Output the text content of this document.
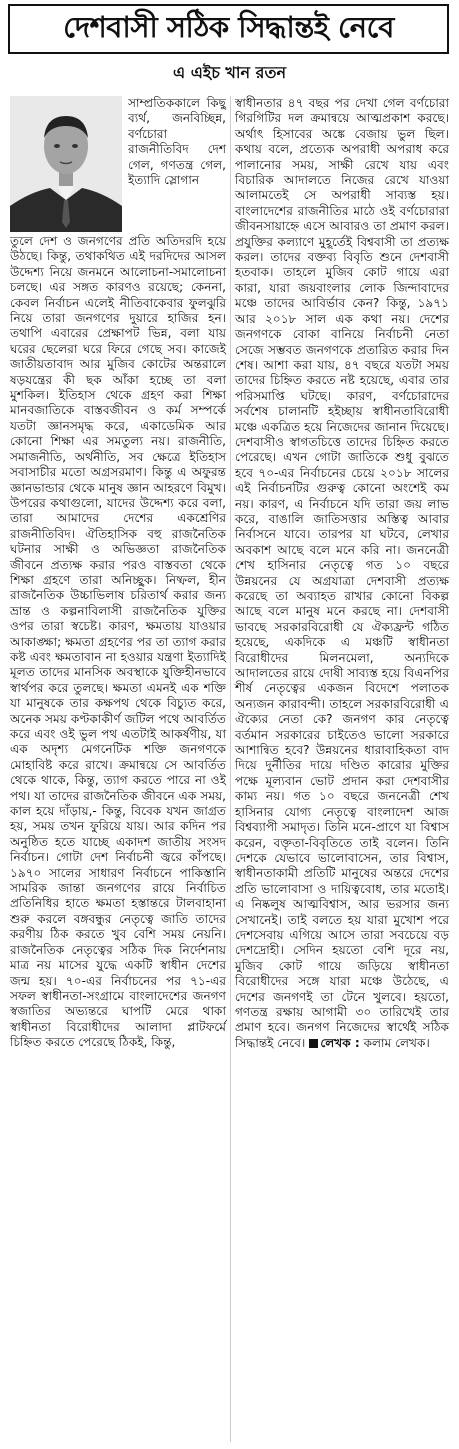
দেশবাসী সঠিক সিদ্ধান্তই নেবে
এ এইচ খান রতন

সাম্প্রতিককালে কিছু ব্যর্থ, জনবিচ্ছিন্ন, বর্ণচোরা রাজনীতিবিদ দেশ গেল, গণতন্ত্র গেল, ইত্যাদি স্লোগান

তুলে দেশ ও জনগণের প্রতি অতিদরদি হয়ে উঠছে। কিন্তু, তথাকথিত এই দরদিদের আসল উদ্দেশ্য নিয়ে জনমনে আলোচনা-সমালোচনা চলছে। এর সঙ্গত কারণও রয়েছে; কেননা, কেবল নির্বাচন এলেই নীতিবাকেবার ফুলঝুরি নিয়ে তারা জনগণের দুয়ারে হাজির হন। তথাপি এবারের প্রেক্ষাপট ভিন্ন, বলা যায় ঘরের ছেলেরা ঘরে ফিরে গেছে সব। কাজেই জাতীয়তাবাদ আর মুজিব কোটের অন্তরালে ষড়যন্ত্রের কী ছক আঁকা হচ্ছে তা বলা মুশকিল। ইতিহাস থেকে গ্রহণ করা শিক্ষা মানবজাতিকে বাস্তবজীবন ও কর্ম সম্পর্কে যতটা জ্ঞানসমৃদ্ধ করে, একাডেমিক আর কোনো শিক্ষা এর সমতুল্য নয়। রাজনীতি, সমাজনীতি, অর্থনীতি, সব ক্ষেত্রে ইতিহাস সবাসাচীর মতো অগ্রসরমাণ। কিন্তু এ অফুরন্ত জ্ঞানভান্ডার থেকে মানুষ জ্ঞান আহরণে বিমুখ। উপরের কথাগুলো, যাদের উদ্দেশ্য করে বলা, তারা আমাদের দেশের একশ্রেণির রাজনীতিবিদ। ঐতিহাসিক বহু রাজনৈতিক ঘটনার সাক্ষী ও অভিজ্ঞতা রাজনৈতিক জীবনে প্রত্যক্ষ করার পরও বাস্তবতা থেকে শিক্ষা গ্রহণে তারা অনিচ্ছুক। নিষ্ফল, হীন রাজনৈতিক উচ্চাভিলাষ চরিতার্থ করার জন্য ভ্রান্ত ও কল্পনাবিলাসী রাজনৈতিক যুক্তির ওপর তারা স্বচেষ্ট। কারণ, ক্ষমতায় যাওয়ার আকাঙ্ক্ষা; ক্ষমতা গ্রহণের পর তা ত্যাগ করার কষ্ট এবং ক্ষমতাবান না হওয়ার যন্ত্রণা ইত্যাদিই মূলত তাদের মানসিক অবস্থাকে যুক্তিহীনভাবে স্বার্থপর করে তুলছে। ক্ষমতা এমনই এক শক্তি যা মানুষকে তার কক্ষপথ থেকে বিচ্যুত করে, অনেক সময় কণ্টকাকীর্ণ জটিল পথে আবর্তিত করে এবং ওই ভুল পথ এতটাই আকর্ষণীয়, যা এক অদৃশ্য মেগনেটিক শক্তি জনগণকে মোহাবিষ্ট করে রাখে। ক্রমান্বয়ে সে আবর্তিত থেকে থাকে, কিন্তু, ত্যাগ করতে পারে না ওই পথ। যা তাদের রাজনৈতিক জীবনে এক সময়, কাল হয়ে দাঁড়ায়,- কিন্তু, বিবেক যখন জাগ্রত হয়, সময় তখন ফুরিয়ে যায়। আর কদিন পর অনুষ্ঠিত হতে যাচ্ছে একাদশ জাতীয় সংসদ নির্বাচন। গোটা দেশ নির্বাচনী জ্বরে কাঁপছে। ১৯৭০ সালের সাধারণ নির্বাচনে পাকিস্তানি সামরিক জান্তা জনগণের রায়ে নির্বাচিত প্রতিনিধির হাতে ক্ষমতা হস্তান্তরে টালবাহানা শুরু করলে বঙ্গবন্ধুর নেতৃত্বে জাতি তাদের করণীয় ঠিক করতে খুব বেশি সময় নেয়নি। রাজনৈতিক নেতৃত্বের সঠিক দিক নির্দেশনায় মাত্র নয় মাসের যুদ্ধে একটি স্বাধীন দেশের জন্ম হয়। ৭০-এর নির্বাচনের পর ৭১-এর সফল স্বাধীনতা-সংগ্রামে বাংলাদেশের জনগণ স্বজাতির অভ্যন্তরে ঘাপটি মেরে থাকা স্বাধীনতা বিরোধীদের আলাদা প্লাটফর্মে চিহ্নিত করতে পেরেছে ঠিকই, কিন্তু,

স্বাধীনতার ৪৭ বছর পর দেখা গেল বর্ণচোরা গিরগিটির দল ক্রমান্বয়ে আত্মপ্রকাশ করছে। অর্থাৎ হিসাবের অঙ্কে বেজায় ভুল ছিল। কথায় বলে, প্রত্যেক অপরাধী অপরাধ করে পালানোর সময়, সাক্ষী রেখে যায় এবং বিচারিক আদালতে নিজের রেখে যাওয়া আলামতেই সে অপরাধী সাব্যস্ত হয়। বাংলাদেশের রাজনীতির মাঠে ওই বর্ণচোরারা জীবনসায়াহ্নে এসে আবারও তা প্রমাণ করল। প্রযুক্তির কল্যাণে মুহূর্তেই বিশ্ববাসী তা প্রত্যক্ষ করল। তাদের বক্তব্য বিবৃতি শুনে দেশবাসী হতবাক। তাহলে মুজিব কোট গায়ে এরা কারা, যারা জয়বাংলার লোক জিন্দাবাদের মঞ্চে তাদের আবির্ভাব কেন? কিন্তু, ১৯৭১ আর ২০১৮ সাল এক কথা নয়। দেশের জনগণকে বোকা বানিয়ে নির্বাচনী নেতা সেজে সম্ভবত জনগণকে প্রতারিত করার দিন শেষ। আশা করা যায়, ৪৭ বছরে যতটা সময় তাদের চিহ্নিত করতে নষ্ট হয়েছে, এবার তার পরিসমাপ্তি ঘটছে। কারণ, বর্ণচোরাদের সর্বশেষ চালানটি হইচ্ছায় স্বাধীনতাবিরোধী মঞ্চে একত্রিত হয়ে নিজেদের জানান দিয়েছে। দেশবাসীও স্বাগতচিত্তে তাদের চিহ্নিত করতে পেরেছে। এখন গোটা জাতিকে শুধু বুঝতে হবে ৭০-এর নির্বাচনের চেয়ে ২০১৮ সালের এই নির্বাচনটির গুরুত্ব কোনো অংশেই কম নয়। কারণ, এ নির্বাচনে যদি তারা জয় লাভ করে, বাঙালি জাতিসত্তার অস্তিত্ব আবার নির্বাসনে যাবে। তারপর যা ঘটবে, লেখার অবকাশ আছে বলে মনে করি না। জননেত্রী শেখ হাসিনার নেতৃত্বে গত ১০ বছরে উন্নয়নের যে অগ্রযাত্রা দেশবাসী প্রত্যক্ষ করেছে তা অব্যাহত রাখার কোনো বিকল্প আছে বলে মানুষ মনে করছে না। দেশবাসী ভাবছে সরকারবিরোধী যে ঐক্যফ্রন্ট গঠিত হয়েছে, একদিকে এ মঞ্চটি স্বাধীনতা বিরোধীদের মিলনমেলা, অন্যদিকে আদালতের রায়ে দোষী সাব্যস্ত হয়ে বিএনপির শীর্ষ নেতৃত্বের একজন বিদেশে পলাতক অন্যজন কারাবন্দী। তাহলে সরকারবিরোধী এ ঐক্যের নেতা কে? জনগণ কার নেতৃত্বে বর্তমান সরকারের চাইতেও ভালো সরকারে আশান্বিত হবে? উন্নয়নের ধারাবাহিকতা বাদ দিয়ে দুর্নীতির দায়ে দণ্ডিত কারোর মুক্তির পক্ষে মূল্যবান ভোট প্রদান করা দেশবাসীর কাম্য নয়। গত ১০ বছরে জননেত্রী শেখ হাসিনার যোগ্য নেতৃত্বে বাংলাদেশ আজ বিশ্বব্যাপী সমাদৃত। তিনি মনে-প্রাণে যা বিশ্বাস করেন, বক্তৃতা-বিবৃতিতে তাই বলেন। তিনি দেশকে যেভাবে ভালোবাসেন, তার বিশ্বাস, স্বাধীনতাকামী প্রতিটি মানুষের অন্তরে দেশের প্রতি ভালোবাসা ও দায়িত্ববোধ, তার মতোই। এ নিষ্কলুষ আত্মবিশ্বাস, আর ভরসার জন্য সেখানেই। তাই বলতে হয় যারা মুখোশ পরে দেশসেবায় এগিয়ে আসে তারা সবচেয়ে বড় দেশদ্রোহী। সেদিন হয়তো বেশি দূরে নয়, মুজিব কোট গায়ে জড়িয়ে স্বাধীনতা বিরোধীদের সঙ্গে যারা মঞ্চে উঠেছে, এ দেশের জনগণই তা টেনে খুলবে। হয়তো, গণতন্ত্র রক্ষায় আগামী ৩০ তারিখেই তার প্রমাণ হবে। জনগণ নিজেদের স্বার্থেই সঠিক সিদ্ধান্তই নেবে। লেখক : কলাম লেখক।
